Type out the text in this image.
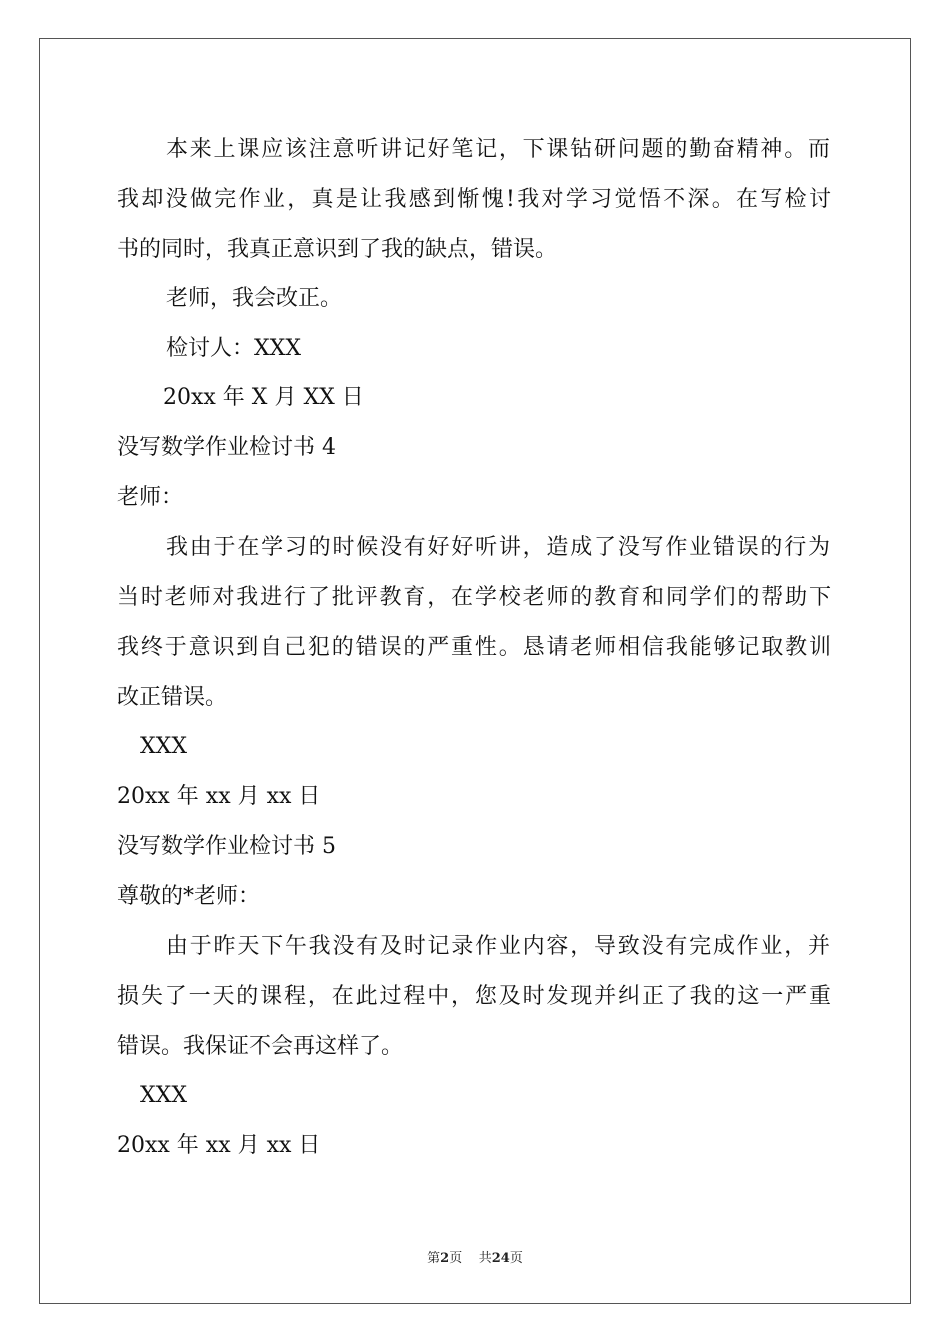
本来上课应该注意听讲记好笔记，下课钻研问题的勤奋精神。而
我却没做完作业，真是让我感到惭愧!我对学习觉悟不深。在写检讨
书的同时，我真正意识到了我的缺点，错误。
老师，我会改正。
检讨人：XXX
20xx 年 X 月 XX 日
没写数学作业检讨书 4
老师：
我由于在学习的时候没有好好听讲，造成了没写作业错误的行为
当时老师对我进行了批评教育，在学校老师的教育和同学们的帮助下
我终于意识到自己犯的错误的严重性。恳请老师相信我能够记取教训
改正错误。
XXX
20xx 年 xx 月 xx 日
没写数学作业检讨书 5
尊敬的*老师：
由于昨天下午我没有及时记录作业内容，导致没有完成作业，并
损失了一天的课程，在此过程中，您及时发现并纠正了我的这一严重
错误。我保证不会再这样了。
XXX
20xx 年 xx 月 xx 日
第2页 共24页
